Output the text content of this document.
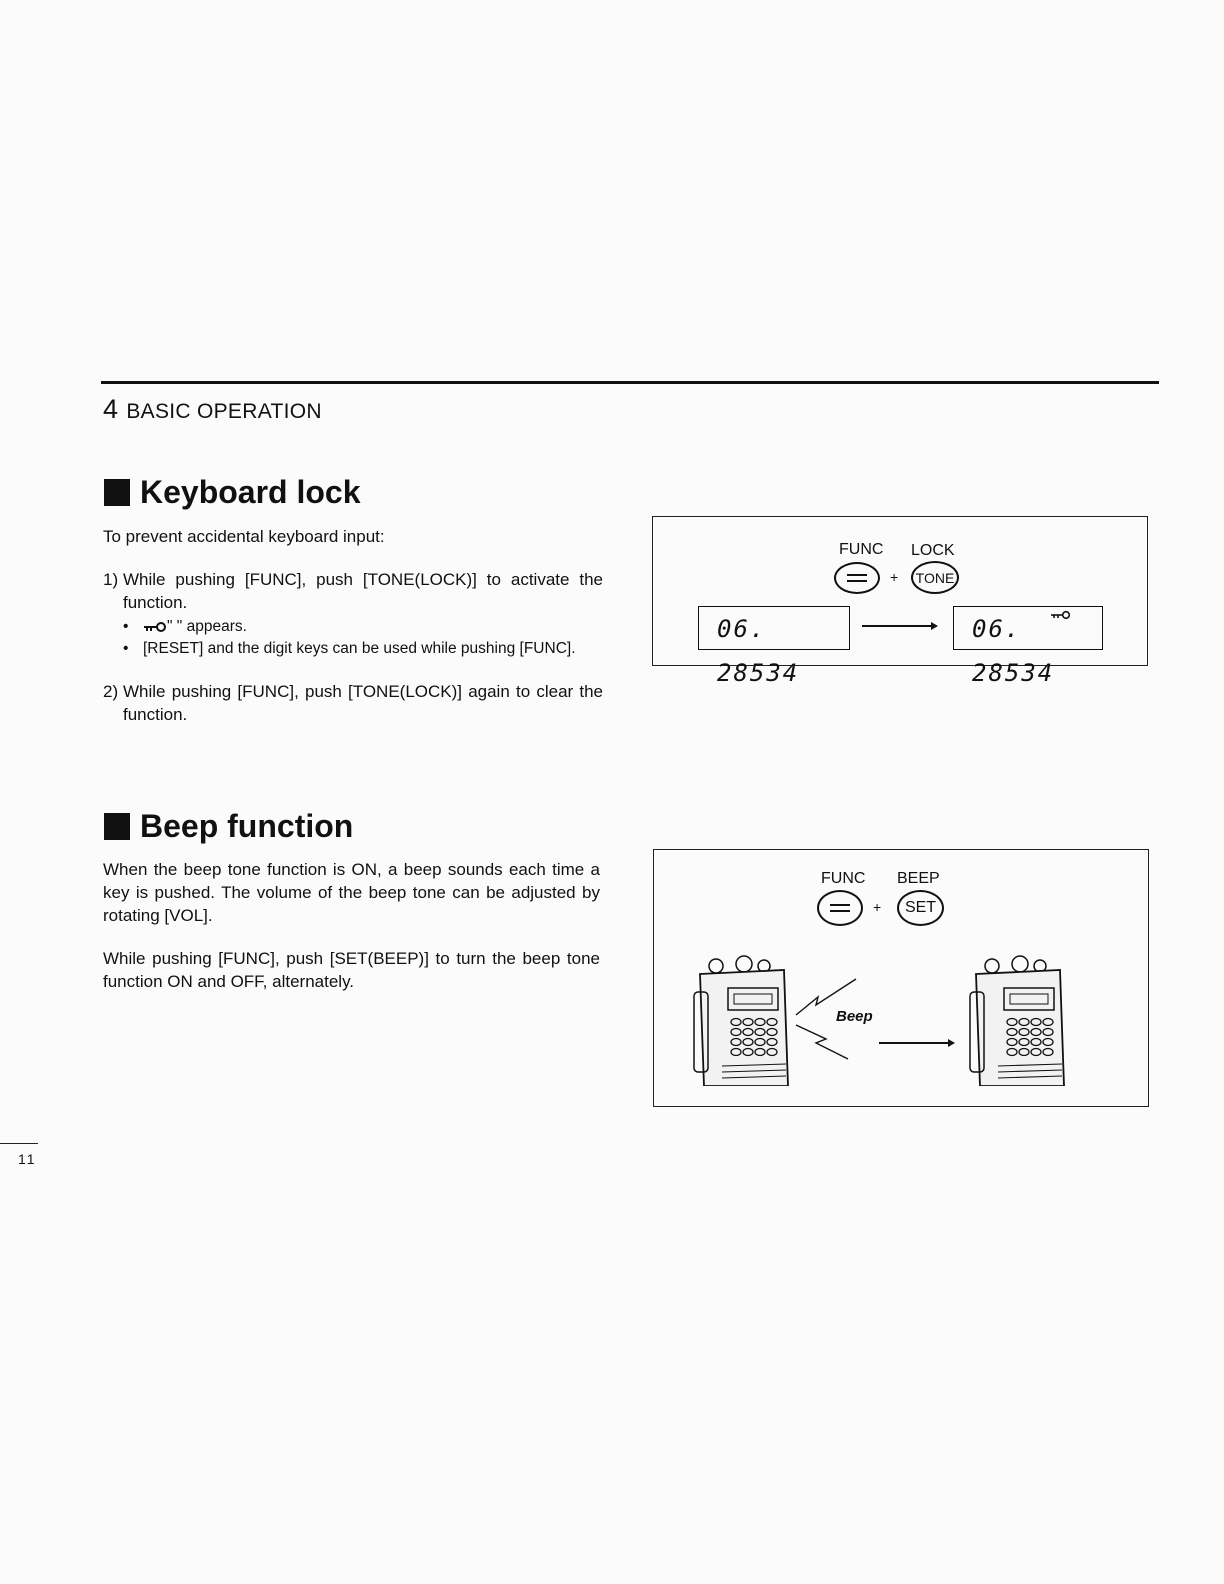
4 BASIC OPERATION
Keyboard lock
To prevent accidental keyboard input:
1) While pushing [FUNC], push [TONE(LOCK)] to activate the function.
•	" " appears.
• [RESET] and the digit keys can be used while pushing [FUNC].
2) While pushing [FUNC], push [TONE(LOCK)] again to clear the function.
FUNC LOCK
+	TONE
06. 28534
06. 28534
Beep function
When the beep tone function is ON, a beep sounds each time a key is pushed. The volume of the beep tone can be adjusted by rotating [VOL].
While pushing [FUNC], push [SET(BEEP)] to turn the beep tone function ON and OFF, alternately.
FUNC BEEP
+	SET
Beep
11
